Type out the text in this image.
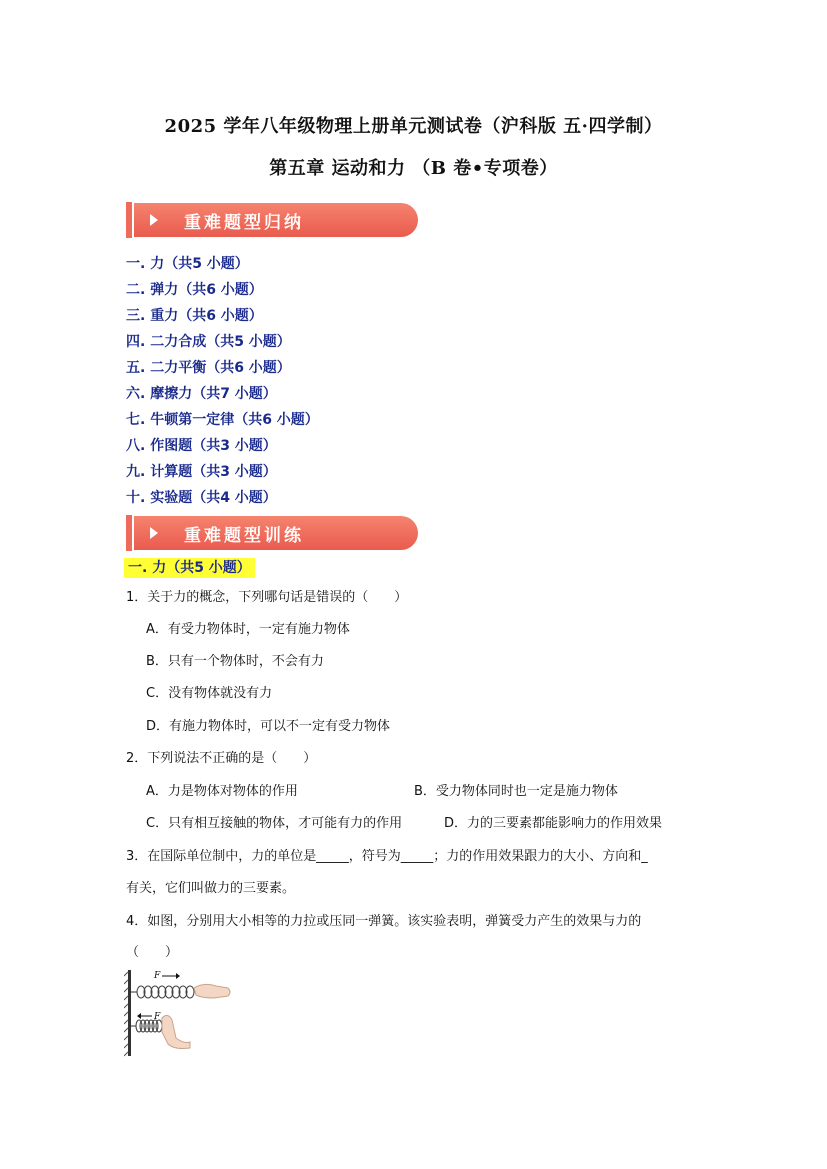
2025 学年八年级物理上册单元测试卷（沪科版 五·四学制）
第五章 运动和力 （B 卷•专项卷）
重难题型归纳
一. 力（共5 小题）
二. 弹力（共6 小题）
三. 重力（共6 小题）
四. 二力合成（共5 小题）
五. 二力平衡（共6 小题）
六. 摩擦力（共7 小题）
七. 牛顿第一定律（共6 小题）
八. 作图题（共3 小题）
九. 计算题（共3 小题）
十. 实验题（共4 小题）
重难题型训练
一. 力（共5 小题）
1．关于力的概念，下列哪句话是错误的（　　）
A．有受力物体时，一定有施力物体
B．只有一个物体时，不会有力
C．没有物体就没有力
D．有施力物体时，可以不一定有受力物体
2．下列说法不正确的是（　　）
A．力是物体对物体的作用	B．受力物体同时也一定是施力物体
C．只有相互接触的物体，才可能有力的作用	D．力的三要素都能影响力的作用效果
3．在国际单位制中，力的单位是_____，符号为_____；力的作用效果跟力的大小、方向和_
有关，它们叫做力的三要素。
4．如图，分别用大小相等的力拉或压同一弹簧。该实验表明，弹簧受力产生的效果与力的
（　　）
F
F
